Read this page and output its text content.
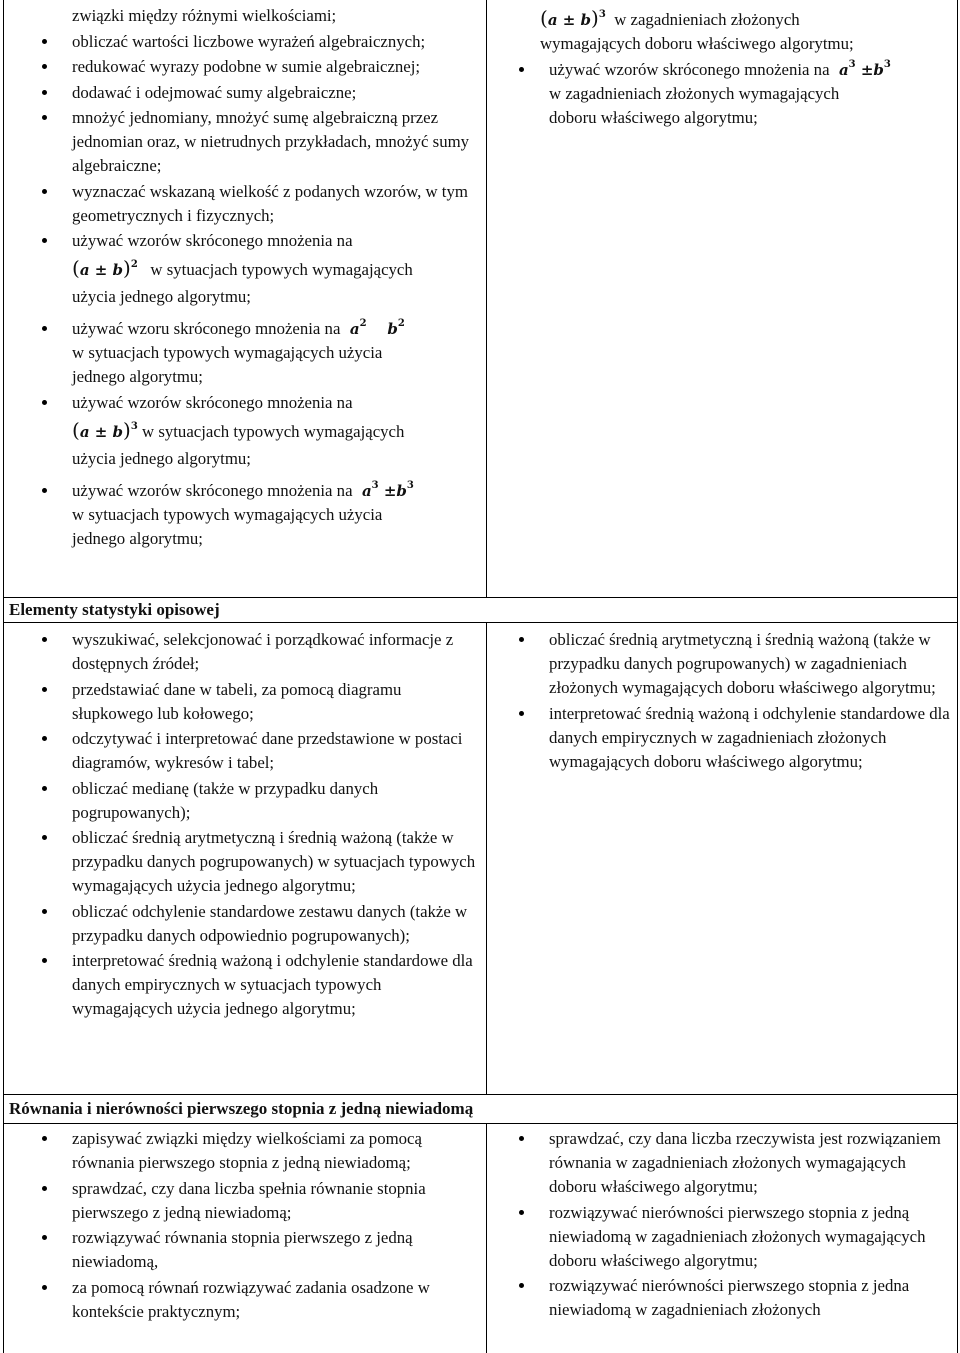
związki między różnymi wielkościami;
obliczać wartości liczbowe wyrażeń algebraicznych;
redukować wyrazy podobne w sumie algebraicznej;
dodawać i odejmować sumy algebraiczne;
mnożyć jednomiany, mnożyć sumę algebraiczną przez jednomian oraz, w nietrudnych przykładach, mnożyć sumy algebraiczne;
wyznaczać wskazaną wielkość z podanych wzorów, w tym geometrycznych i fizycznych;
używać wzorów skróconego mnożenia na
$(a \pm b)^2$ w sytuacjach typowych wymagających
użycia jednego algorytmu;
używać wzoru skróconego mnożenia na  $a^2$    $b^2$
w sytuacjach typowych wymagających użycia
jednego algorytmu;
używać wzorów skróconego mnożenia na
$(a \pm b)^3$ w sytuacjach typowych wymagających
użycia jednego algorytmu;
używać wzorów skróconego mnożenia na  $a^3 \pm b^3$
w sytuacjach typowych wymagających użycia
jednego algorytmu;
$(a \pm b)^3$ w zagadnieniach złożonych
wymagających doboru właściwego algorytmu;
używać wzorów skróconego mnożenia na  $a^3 \pm b^3$
w zagadnieniach złożonych wymagających
doboru właściwego algorytmu;
Elementy statystyki opisowej
wyszukiwać, selekcjonować i porządkować informacje z dostępnych źródeł;
przedstawiać dane w tabeli, za pomocą diagramu słupkowego lub kołowego;
odczytywać i interpretować dane przedstawione w postaci diagramów, wykresów i tabel;
obliczać medianę (także w przypadku danych pogrupowanych);
obliczać średnią arytmetyczną i średnią ważoną (także w przypadku danych pogrupowanych) w sytuacjach typowych wymagających użycia jednego algorytmu;
obliczać odchylenie standardowe zestawu danych (także w przypadku danych odpowiednio pogrupowanych);
interpretować średnią ważoną i odchylenie standardowe dla danych empirycznych w sytuacjach typowych wymagających użycia jednego algorytmu;
obliczać średnią arytmetyczną i średnią ważoną (także w przypadku danych pogrupowanych) w zagadnieniach złożonych wymagających doboru właściwego algorytmu;
interpretować średnią ważoną i odchylenie standardowe dla danych empirycznych w zagadnieniach złożonych wymagających doboru właściwego algorytmu;
Równania i nierówności pierwszego stopnia z jedną niewiadomą
zapisywać związki między wielkościami za pomocą równania pierwszego stopnia z jedną niewiadomą;
sprawdzać, czy dana liczba spełnia równanie stopnia pierwszego z jedną niewiadomą;
rozwiązywać równania stopnia pierwszego z jedną niewiadomą,
za pomocą równań rozwiązywać zadania osadzone w kontekście praktycznym;
sprawdzać, czy dana liczba rzeczywista jest rozwiązaniem równania w zagadnieniach złożonych wymagających doboru właściwego algorytmu;
rozwiązywać nierówności pierwszego stopnia z jedną niewiadomą w zagadnieniach złożonych wymagających doboru właściwego algorytmu;
rozwiązywać nierówności pierwszego stopnia z jedna niewiadomą w zagadnieniach złożonych
